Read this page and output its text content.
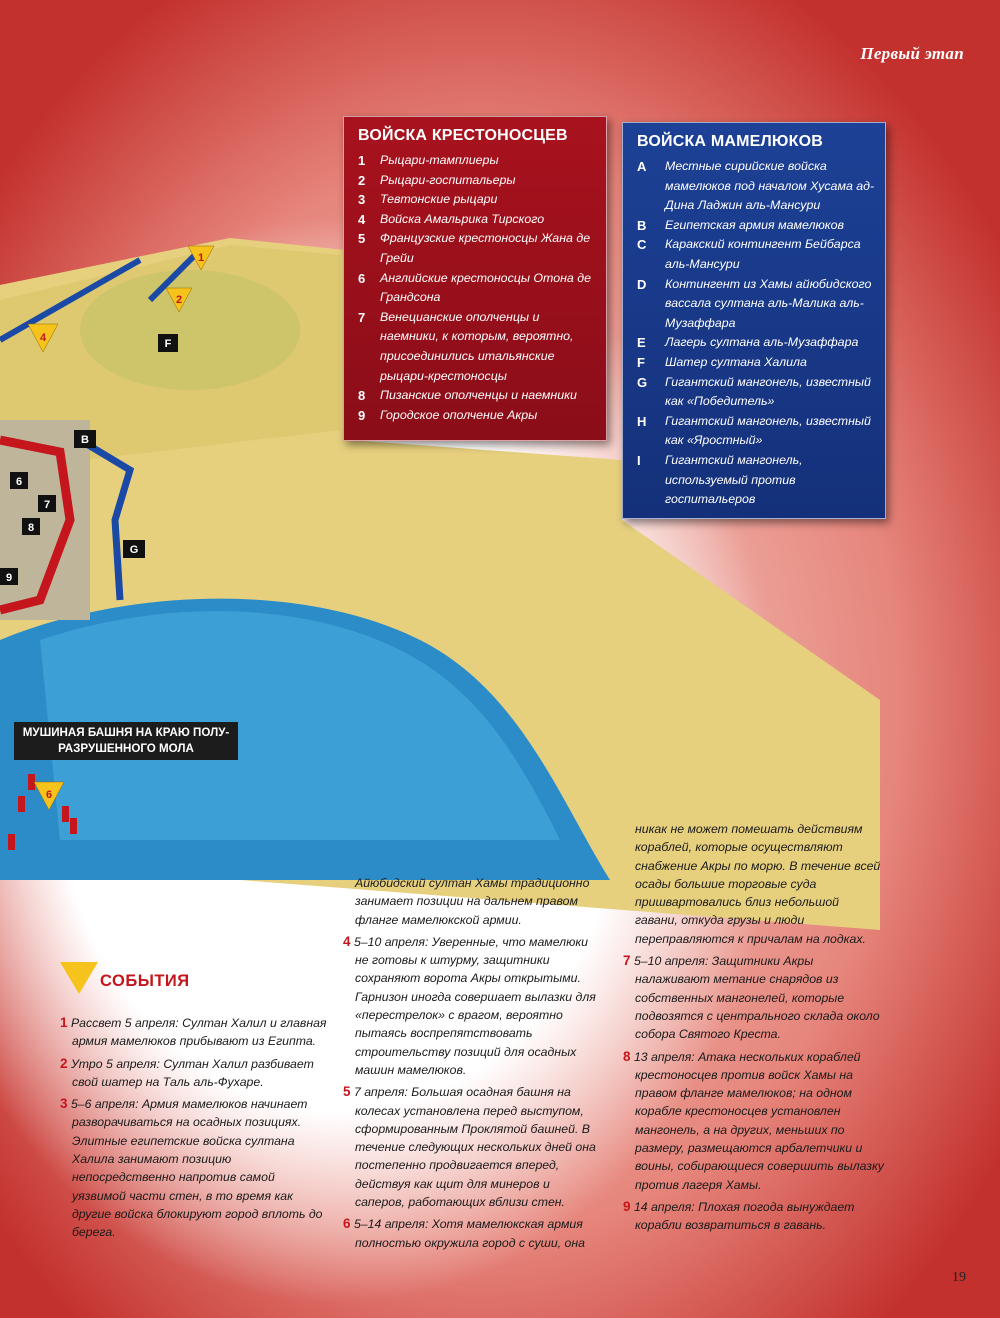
1
2
4
6
F
B
G
6
7
8
9
Первый этап
ВОЙСКА КРЕСТОНОСЦЕВ
1	Рыцари-тамплиеры
2	Рыцари-госпитальеры
3	Тевтонские рыцари
4	Войска Амальрика Тирского
5	Французские крестоносцы Жана де Грейи
6	Английские крестоносцы Отона де Грандсона
7	Венецианские ополченцы и наемники, к которым, вероятно, присоединились итальянские рыцари-крестоносцы
8	Пизанские ополченцы и наемники
9	Городское ополчение Акры
ВОЙСКА МАМЕЛЮКОВ
A	Местные сирийские войска мамелюков под началом Хусама ад-Дина Ладжин аль-Мансури
B	Египетская армия мамелюков
C	Каракский контингент Бейбарса аль-Мансури
D	Контингент из Хамы айюбидского вассала султана аль-Малика аль-Музаффара
E	Лагерь султана аль-Музаффара
F	Шатер султана Халила
G	Гигантский мангонель, известный как «Победитель»
H	Гигантский мангонель, известный как «Яростный»
I	Гигантский мангонель, используемый против госпитальеров
МУШИНАЯ БАШНЯ НА КРАЮ ПОЛУ-РАЗРУШЕННОГО МОЛА
СОБЫТИЯ

1 Рассвет 5 апреля: Султан Халил и главная армия мамелюков прибывают из Египта.

2 Утро 5 апреля: Султан Халил разбивает свой шатер на Таль аль-Фухаре.

3 5–6 апреля: Армия мамелюков начинает разворачиваться на осадных позициях. Элитные египетские войска султана Халила занимают позицию непосредственно напротив самой уязвимой части стен, в то время как другие войска блокируют город вплоть до берега.

Айюбидский султан Хамы традиционно занимает позиции на дальнем правом фланге мамелюкской армии.

4 5–10 апреля: Уверенные, что мамелюки не готовы к штурму, защитники сохраняют ворота Акры открытыми. Гарнизон иногда совершает вылазки для «перестрелок» с врагом, вероятно пытаясь воспрепятствовать строительству позиций для осадных машин мамелюков.

5 7 апреля: Большая осадная башня на колесах установлена перед выступом, сформированным Проклятой башней. В течение следующих нескольких дней она постепенно продвигается вперед, действуя как щит для минеров и саперов, работающих вблизи стен.

6 5–14 апреля: Хотя мамелюкская армия полностью окружила город с суши, она

никак не может помешать действиям кораблей, которые осуществляют снабжение Акры по морю. В течение всей осады большие торговые суда пришвартовались близ небольшой гавани, откуда грузы и люди переправляются к причалам на лодках.

7 5–10 апреля: Защитники Акры налаживают метание снарядов из собственных мангонелей, которые подвозятся с центрального склада около собора Святого Креста.

8 13 апреля: Атака нескольких кораблей крестоносцев против войск Хамы на правом фланге мамелюков; на одном корабле крестоносцев установлен мангонель, а на других, меньших по размеру, размещаются арбалетчики и воины, собирающиеся совершить вылазку против лагеря Хамы.

9 14 апреля: Плохая погода вынуждает корабли возвратиться в гавань.

19
